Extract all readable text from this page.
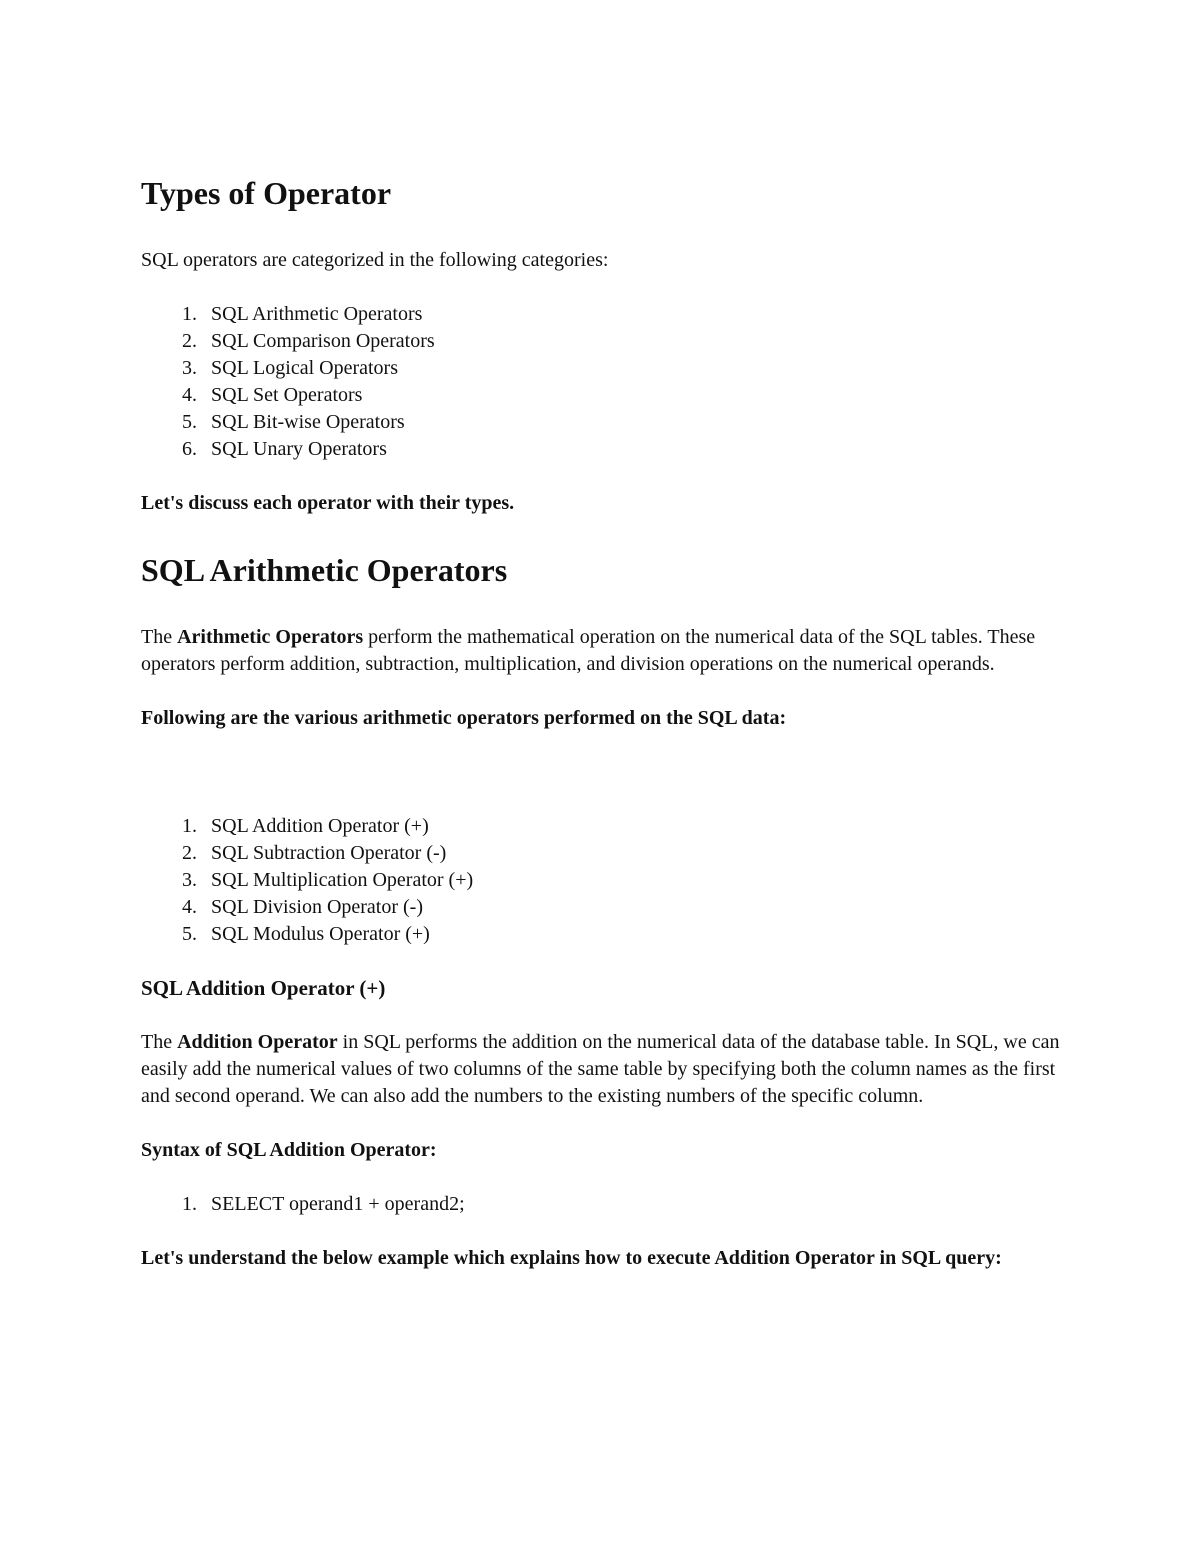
Types of Operator

SQL operators are categorized in the following categories:

1. SQL Arithmetic Operators
2. SQL Comparison Operators
3. SQL Logical Operators
4. SQL Set Operators
5. SQL Bit-wise Operators
6. SQL Unary Operators

Let's discuss each operator with their types.

SQL Arithmetic Operators

The Arithmetic Operators perform the mathematical operation on the numerical data of the SQL tables. These operators perform addition, subtraction, multiplication, and division operations on the numerical operands.

Following are the various arithmetic operators performed on the SQL data:

1. SQL Addition Operator (+)
2. SQL Subtraction Operator (-)
3. SQL Multiplication Operator (+)
4. SQL Division Operator (-)
5. SQL Modulus Operator (+)
SQL Addition Operator (+)

The Addition Operator in SQL performs the addition on the numerical data of the database table. In SQL, we can easily add the numerical values of two columns of the same table by specifying both the column names as the first and second operand. We can also add the numbers to the existing numbers of the specific column.

Syntax of SQL Addition Operator:

1. SELECT operand1 + operand2;

Let's understand the below example which explains how to execute Addition Operator in SQL query:
